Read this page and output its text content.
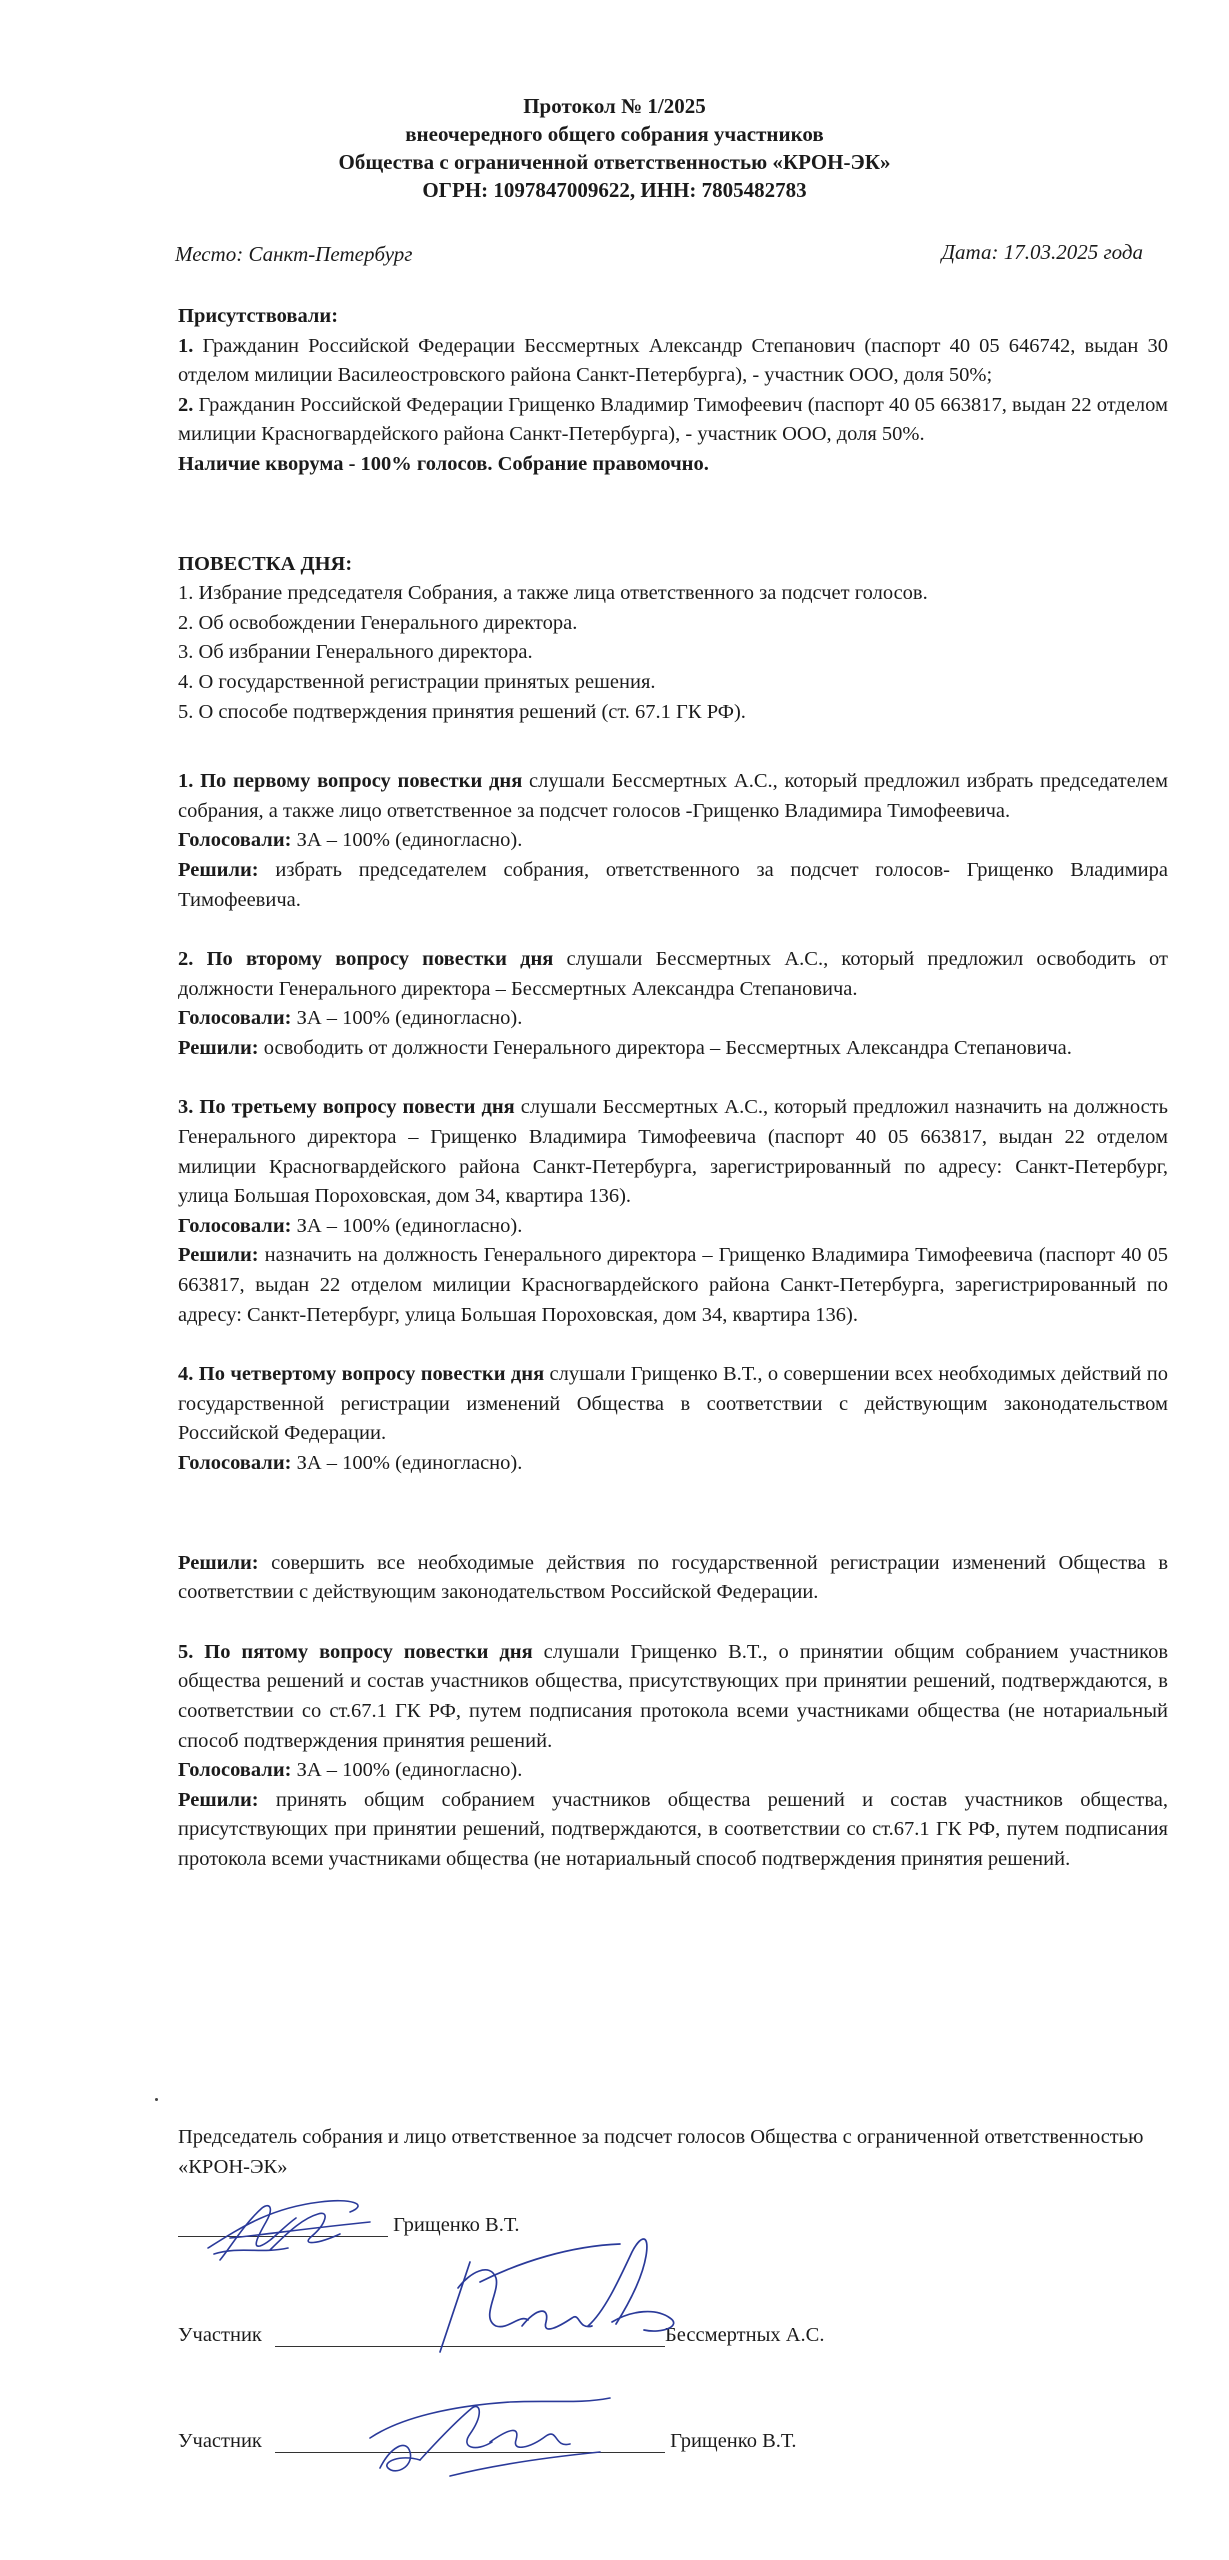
Протокол № 1/2025
внеочередного общего собрания участников
Общества с ограниченной ответственностью «КРОН-ЭК»
ОГРН: 1097847009622, ИНН: 7805482783
Место: Санкт-Петербург	Дата: 17.03.2025 года

Присутствовали:

1. Гражданин Российской Федерации Бессмертных Александр Степанович (паспорт 40 05 646742, выдан 30 отделом милиции Василеостровского района Санкт-Петербурга), - участник ООО, доля 50%;

2. Гражданин Российской Федерации Грищенко Владимир Тимофеевич (паспорт 40 05 663817, выдан 22 отделом милиции Красногвардейского района Санкт-Петербурга), - участник ООО, доля 50%.

Наличие кворума - 100% голосов. Собрание правомочно.

ПОВЕСТКА ДНЯ:

1. Избрание председателя Собрания, а также лица ответственного за подсчет голосов.

2. Об освобождении Генерального директора.

3. Об избрании Генерального директора.

4. О государственной регистрации принятых решения.

5. О способе подтверждения принятия решений (ст. 67.1 ГК РФ).

1. По первому вопросу повестки дня слушали Бессмертных А.С., который предложил избрать председателем собрания, а также лицо ответственное за подсчет голосов -Грищенко Владимира Тимофеевича.

Голосовали: ЗА – 100% (единогласно).

Решили: избрать председателем собрания, ответственного за подсчет голосов- Грищенко Владимира Тимофеевича.

2. По второму вопросу повестки дня слушали Бессмертных А.С., который предложил освободить от должности Генерального директора – Бессмертных Александра Степановича.

Голосовали: ЗА – 100% (единогласно).

Решили: освободить от должности Генерального директора – Бессмертных Александра Степановича.

3. По третьему вопросу повести дня слушали Бессмертных А.С., который предложил назначить на должность Генерального директора – Грищенко Владимира Тимофеевича (паспорт 40 05 663817, выдан 22 отделом милиции Красногвардейского района Санкт-Петербурга, зарегистрированный по адресу: Санкт-Петербург, улица Большая Пороховская, дом 34, квартира 136).

Голосовали: ЗА – 100% (единогласно).

Решили: назначить на должность Генерального директора – Грищенко Владимира Тимофеевича (паспорт 40 05 663817, выдан 22 отделом милиции Красногвардейского района Санкт-Петербурга, зарегистрированный по адресу: Санкт-Петербург, улица Большая Пороховская, дом 34, квартира 136).

4. По четвертому вопросу повестки дня слушали Грищенко В.Т., о совершении всех необходимых действий по государственной регистрации изменений Общества в соответствии с действующим законодательством Российской Федерации.

Голосовали: ЗА – 100% (единогласно).

Решили: совершить все необходимые действия по государственной регистрации изменений Общества в соответствии с действующим законодательством Российской Федерации.

5. По пятому вопросу повестки дня слушали Грищенко В.Т., о принятии общим собранием участников общества решений и состав участников общества, присутствующих при принятии решений, подтверждаются, в соответствии со ст.67.1 ГК РФ, путем подписания протокола всеми участниками общества (не нотариальный способ подтверждения принятия решений.

Голосовали: ЗА – 100% (единогласно).

Решили: принять общим собранием участников общества решений и состав участников общества, присутствующих при принятии решений, подтверждаются, в соответствии со ст.67.1 ГК РФ, путем подписания протокола всеми участниками общества (не нотариальный способ подтверждения принятия решений.

Председатель собрания и лицо ответственное за подсчет голосов Общества с ограниченной ответственностью «КРОН-ЭК»
Грищенко В.Т.
Участник	Бессмертных А.С.
Участник	Грищенко В.Т.
